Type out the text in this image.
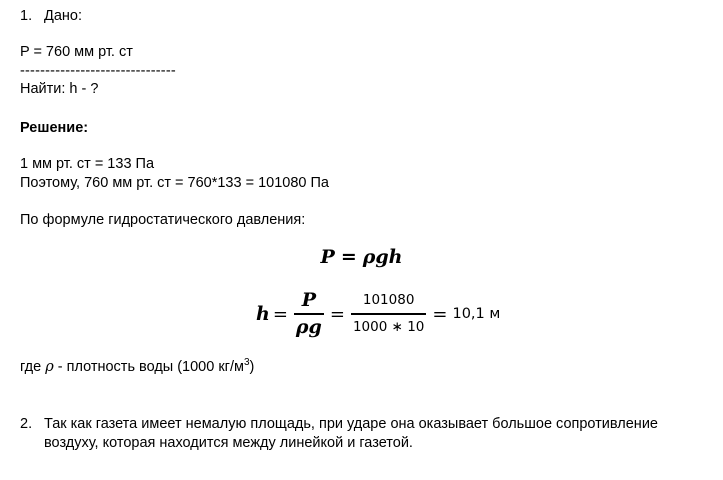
1. Дано:
P = 760 мм рт. ст
-------------------------------
Найти: h - ?
Решение:
1 мм рт. ст = 133 Па
Поэтому, 760 мм рт. ст = 760*133 = 101080 Па
По формуле гидростатического давления:
P = ρgh
$h = \frac{P}{\rho g} = \frac{101080}{1000 ∗ 10} = 10,1$ м
где ρ - плотность воды (1000 $кг/м^3$)
2. Так как газета имеет немалую площадь, при ударе она оказывает большое сопротивление
воздуху, которая находится между линейкой и газетой.
